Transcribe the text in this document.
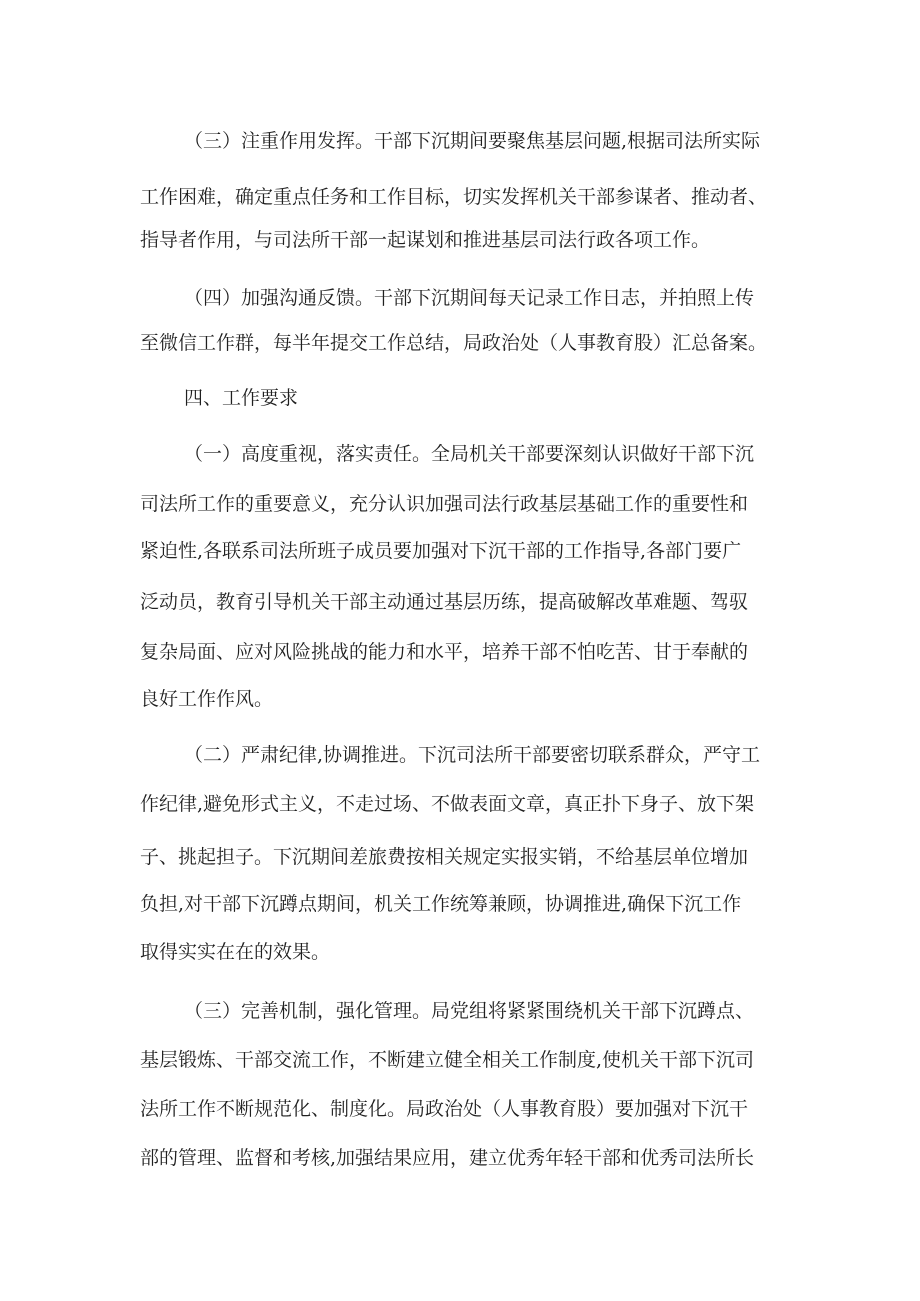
（三）注重作用发挥。干部下沉期间要聚焦基层问题,根据司法所实际

工作困难，确定重点任务和工作目标，切实发挥机关干部参谋者、推动者、

指导者作用，与司法所干部一起谋划和推进基层司法行政各项工作。

（四）加强沟通反馈。干部下沉期间每天记录工作日志，并拍照上传

至微信工作群，每半年提交工作总结，局政治处（人事教育股）汇总备案。

四、工作要求

（一）高度重视，落实责任。全局机关干部要深刻认识做好干部下沉

司法所工作的重要意义，充分认识加强司法行政基层基础工作的重要性和

紧迫性,各联系司法所班子成员要加强对下沉干部的工作指导,各部门要广

泛动员，教育引导机关干部主动通过基层历练，提高破解改革难题、驾驭

复杂局面、应对风险挑战的能力和水平，培养干部不怕吃苦、甘于奉献的

良好工作作风。

（二）严肃纪律,协调推进。下沉司法所干部要密切联系群众，严守工

作纪律,避免形式主义，不走过场、不做表面文章，真正扑下身子、放下架

子、挑起担子。下沉期间差旅费按相关规定实报实销，不给基层单位增加

负担,对干部下沉蹲点期间，机关工作统筹兼顾，协调推进,确保下沉工作

取得实实在在的效果。

（三）完善机制，强化管理。局党组将紧紧围绕机关干部下沉蹲点、

基层锻炼、干部交流工作，不断建立健全相关工作制度,使机关干部下沉司

法所工作不断规范化、制度化。局政治处（人事教育股）要加强对下沉干

部的管理、监督和考核,加强结果应用，建立优秀年轻干部和优秀司法所长
